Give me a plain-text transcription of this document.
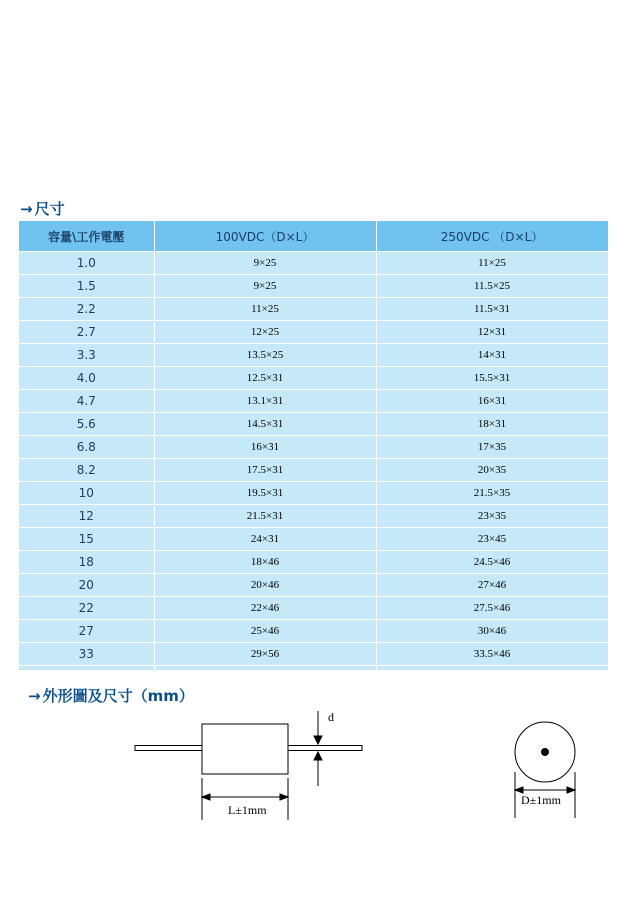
→ 尺寸
容量\工作電壓	100VDC（D×L）	250VDC （D×L）
1.0	9×25	11×25
1.5	9×25	11.5×25
2.2	11×25	11.5×31
2.7	12×25	12×31
3.3	13.5×25	14×31
4.0	12.5×31	15.5×31
4.7	13.1×31	16×31
5.6	14.5×31	18×31
6.8	16×31	17×35
8.2	17.5×31	20×35
10	19.5×31	21.5×35
12	21.5×31	23×35
15	24×31	23×45
18	18×46	24.5×46
20	20×46	27×46
22	22×46	27.5×46
27	25×46	30×46
33	29×56	33.5×46

→ 外形圖及尺寸（mm）
d
L±1mm
D±1mm
